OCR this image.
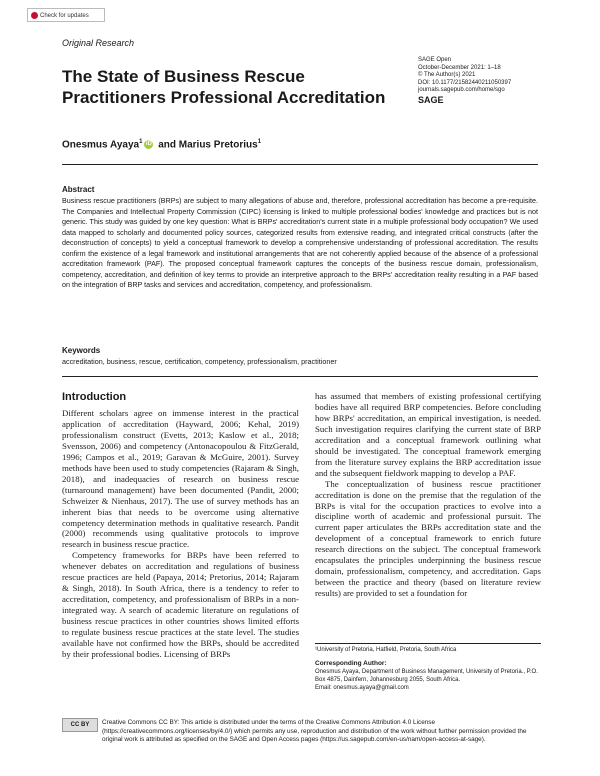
Check for updates
Original Research
The State of Business Rescue Practitioners Professional Accreditation
SAGE Open
October-December 2021: 1–18
© The Author(s) 2021
DOI: 10.1177/21582440211050397
journals.sagepub.com/home/sgo
SAGE
Onesmus Ayaya$^1$ iD and Marius Pretorius$^1$
Abstract
Business rescue practitioners (BRPs) are subject to many allegations of abuse and, therefore, professional accreditation has become a pre-requisite. The Companies and Intellectual Property Commission (CIPC) licensing is linked to multiple professional bodies' knowledge and practices but is not generic. This study was guided by one key question: What is BRPs' accreditation's current state in a multiple professional body occupation? We used data mapped to scholarly and documented policy sources, categorized results from extensive reading, and integrated critical constructs (after the deconstruction of concepts) to yield a conceptual framework to develop a comprehensive understanding of professional accreditation. The results confirm the existence of a legal framework and institutional arrangements that are not coherently applied because of the absence of a professional accreditation framework (PAF). The proposed conceptual framework captures the concepts of the business rescue domain, professionalism, competency, accreditation, and definition of key terms to provide an interpretive approach to the BRPs' accreditation reality resulting in a PAF based on the integration of BRP tasks and services and accreditation, competency, and professionalism.
Keywords
accreditation, business, rescue, certification, competency, professionalism, practitioner
Introduction

Different scholars agree on immense interest in the practical application of accreditation (Hayward, 2006; Kehal, 2019) professionalism construct (Evetts, 2013; Kaslow et al., 2018; Svensson, 2006) and competency (Antonacopoulou & FitzGerald, 1996; Campos et al., 2019; Garavan & McGuire, 2001). Survey methods have been used to study competencies (Rajaram & Singh, 2018), and inadequacies of research on business rescue (turnaround management) have been documented (Pandit, 2000; Schweizer & Nienhaus, 2017). The use of survey methods has an inherent bias that needs to be overcome using alternative competency determination methods in qualitative research. Pandit (2000) recommends using qualitative protocols to improve research in business rescue practice.

Competency frameworks for BRPs have been referred to whenever debates on accreditation and regulations of business rescue practices are held (Papaya, 2014; Pretorius, 2014; Rajaram & Singh, 2018). In South Africa, there is a tendency to refer to accreditation, competency, and professionalism of BRPs in a non-integrated way. A search of academic literature on regulations of business rescue practices in other countries shows limited efforts to regulate business rescue practices at the state level. The studies available have not confirmed how the BRPs, should be accredited by their professional bodies. Licensing of BRPs

has assumed that members of existing professional certifying bodies have all required BRP competencies. Before concluding how BRPs' accreditation, an empirical investigation, is needed. Such investigation requires clarifying the current state of BRP accreditation and a conceptual framework outlining what should be investigated. The conceptual framework emerging from the literature survey explains the BRP accreditation issue and the subsequent fieldwork mapping to develop a PAF.

The conceptualization of business rescue practitioner accreditation is done on the premise that the regulation of the BRPs is vital for the occupation practices to evolve into a discipline worth of academic and professional pursuit. The current paper articulates the BRPs accreditation state and the development of a conceptual framework to enrich future research directions on the subject. The conceptual framework encapsulates the principles underpinning the business rescue domain, professionalism, competency, and accreditation. Gaps between the practice and theory (based on literature review results) are provided to set a foundation for

¹University of Pretoria, Hatfield, Pretoria, South Africa
Corresponding Author:
Onesmus Ayaya, Department of Business Management, University of Pretoria., P.O. Box 4875, Dainfern, Johannesburg 2055, South Africa.
Email: onesmus.ayaya@gmail.com
CC BY	Creative Commons CC BY: This article is distributed under the terms of the Creative Commons Attribution 4.0 License (https://creativecommons.org/licenses/by/4.0/) which permits any use, reproduction and distribution of the work without further permission provided the original work is attributed as specified on the SAGE and Open Access pages (https://us.sagepub.com/en-us/nam/open-access-at-sage).
